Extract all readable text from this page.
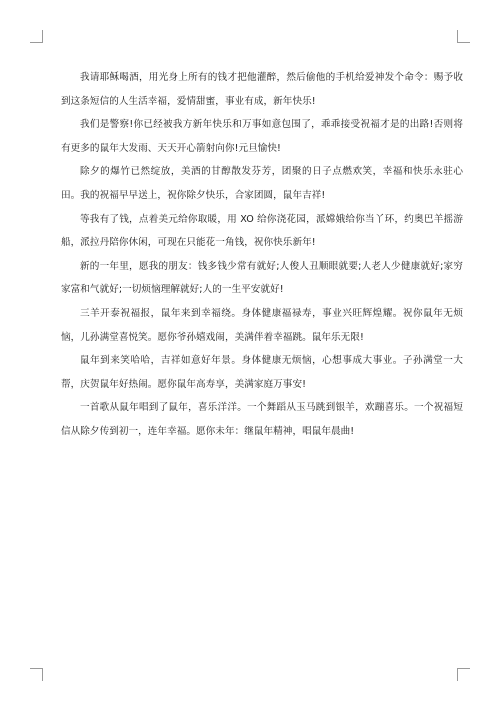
我请耶稣喝酒，用光身上所有的钱才把他灌醉，然后偷他的手机给爱神发个命令：赐予收到这条短信的人生活幸福，爱情甜蜜，事业有成，新年快乐!

我们是警察!你已经被我方新年快乐和万事如意包围了，乖乖接受祝福才是的出路!否则将有更多的鼠年大发雨、天天开心箭射向你!元旦愉快!

除夕的爆竹已然绽放，美酒的甘醇散发芬芳，团聚的日子点燃欢笑，幸福和快乐永驻心田。我的祝福早早送上，祝你除夕快乐，合家团圆，鼠年吉祥!

等我有了钱，点着美元给你取暖，用 XO 给你浇花园，派嫦娥给你当丫环，约奥巴羊摇游船，派拉丹陪你休闲，可现在只能花一角钱，祝你快乐新年!

新的一年里，愿我的朋友：钱多钱少常有就好;人俊人丑顺眼就要;人老人少健康就好;家穷家富和气就好;一切烦恼理解就好;人的一生平安就好!

三羊开泰祝福报，鼠年来到幸福绕。身体健康福禄寿，事业兴旺辉煌耀。祝你鼠年无烦恼，儿孙满堂喜悦笑。愿你爷孙嬉戏闹，美满伴着幸福跳。鼠年乐无限!

鼠年到来笑哈哈，吉祥如意好年景。身体健康无烦恼，心想事成大事业。子孙满堂一大帮，庆贺鼠年好热闹。愿你鼠年高寿享，美满家庭万事安!

一首歌从鼠年唱到了鼠年，喜乐洋洋。一个舞蹈从玉马跳到银羊，欢蹦喜乐。一个祝福短信从除夕传到初一，连年幸福。愿你未年：继鼠年精神，唱鼠年晨曲!
